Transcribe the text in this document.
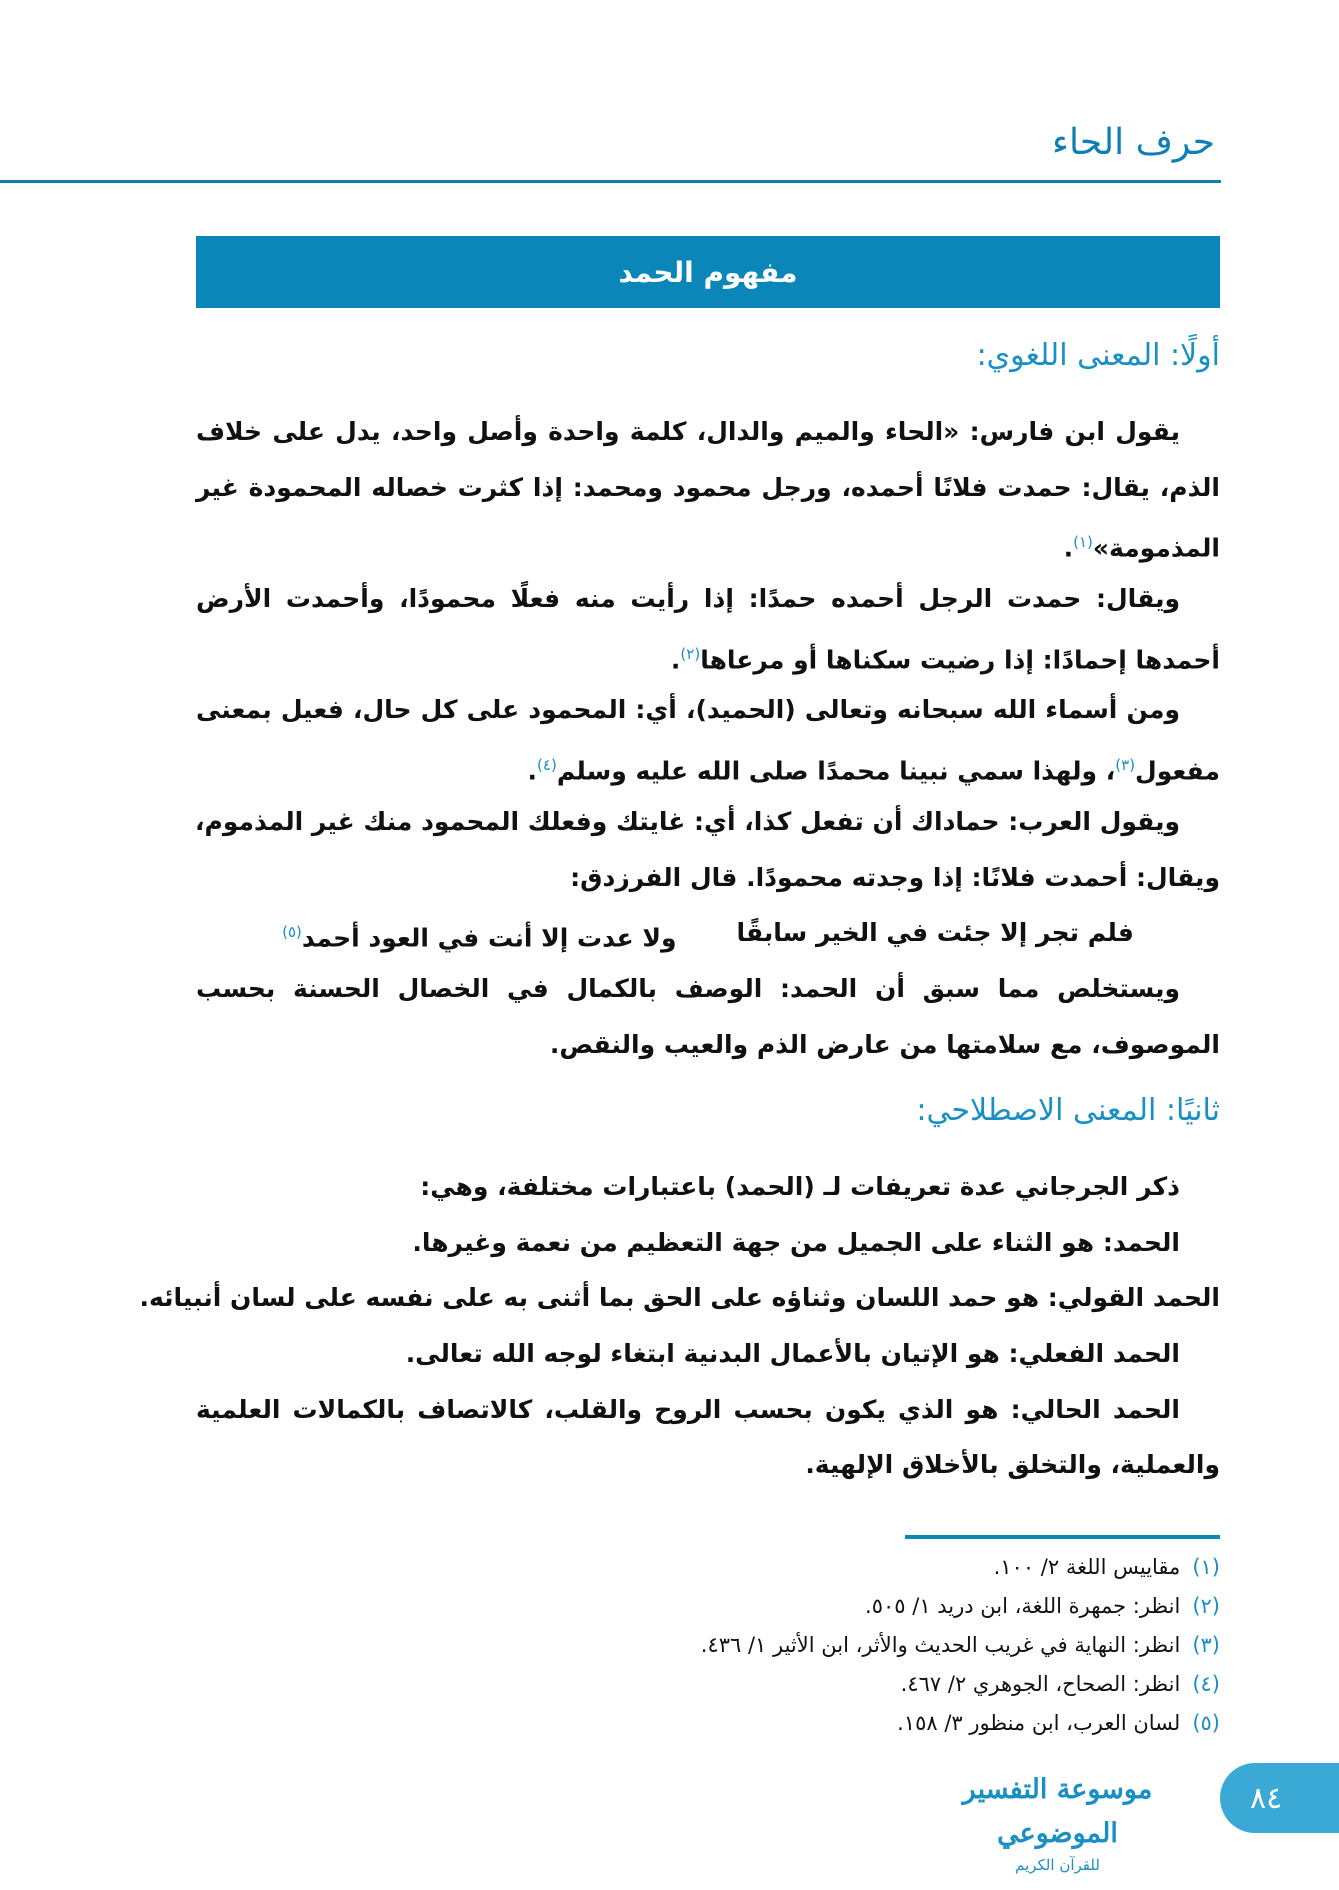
حرف الحاء
مفهوم الحمد
أولًا: المعنى اللغوي:
يقول ابن فارس: «الحاء والميم والدال، كلمة واحدة وأصل واحد، يدل على خلاف
الذم، يقال: حمدت فلانًا أحمده، ورجل محمود ومحمد: إذا كثرت خصاله المحمودة غير
المذمومة»$^{(١)}$.
ويقال: حمدت الرجل أحمده حمدًا: إذا رأيت منه فعلًا محمودًا، وأحمدت الأرض
أحمدها إحمادًا: إذا رضيت سكناها أو مرعاها$^{(٢)}$.
ومن أسماء الله سبحانه وتعالى (الحميد)، أي: المحمود على كل حال، فعيل بمعنى
مفعول$^{(٣)}$، ولهذا سمي نبينا محمدًا صلى الله عليه وسلم$^{(٤)}$.
ويقول العرب: حماداك أن تفعل كذا، أي: غايتك وفعلك المحمود منك غير المذموم،
ويقال: أحمدت فلانًا: إذا وجدته محمودًا. قال الفرزدق:
فلم تجر إلا جئت في الخير سابقًا
ولا عدت إلا أنت في العود أحمد$^{(٥)}$
ويستخلص مما سبق أن الحمد: الوصف بالكمال في الخصال الحسنة بحسب
الموصوف، مع سلامتها من عارض الذم والعيب والنقص.
ثانيًا: المعنى الاصطلاحي:
ذكر الجرجاني عدة تعريفات لـ (الحمد) باعتبارات مختلفة، وهي:
الحمد: هو الثناء على الجميل من جهة التعظيم من نعمة وغيرها.
الحمد القولي: هو حمد اللسان وثناؤه على الحق بما أثنى به على نفسه على لسان أنبيائه.
الحمد الفعلي: هو الإتيان بالأعمال البدنية ابتغاء لوجه الله تعالى.
الحمد الحالي: هو الذي يكون بحسب الروح والقلب، كالاتصاف بالكمالات العلمية
والعملية، والتخلق بالأخلاق الإلهية.
(١)مقاييس اللغة ٢/ ١٠٠.
(٢)انظر: جمهرة اللغة، ابن دريد ١/ ٥٠٥.
(٣)انظر: النهاية في غريب الحديث والأثر، ابن الأثير ١/ ٤٣٦.
(٤)انظر: الصحاح، الجوهري ٢/ ٤٦٧.
(٥)لسان العرب، ابن منظور ٣/ ١٥٨.
موسوعة التفسير الموضوعي
للقرآن الكريم
٨٤
